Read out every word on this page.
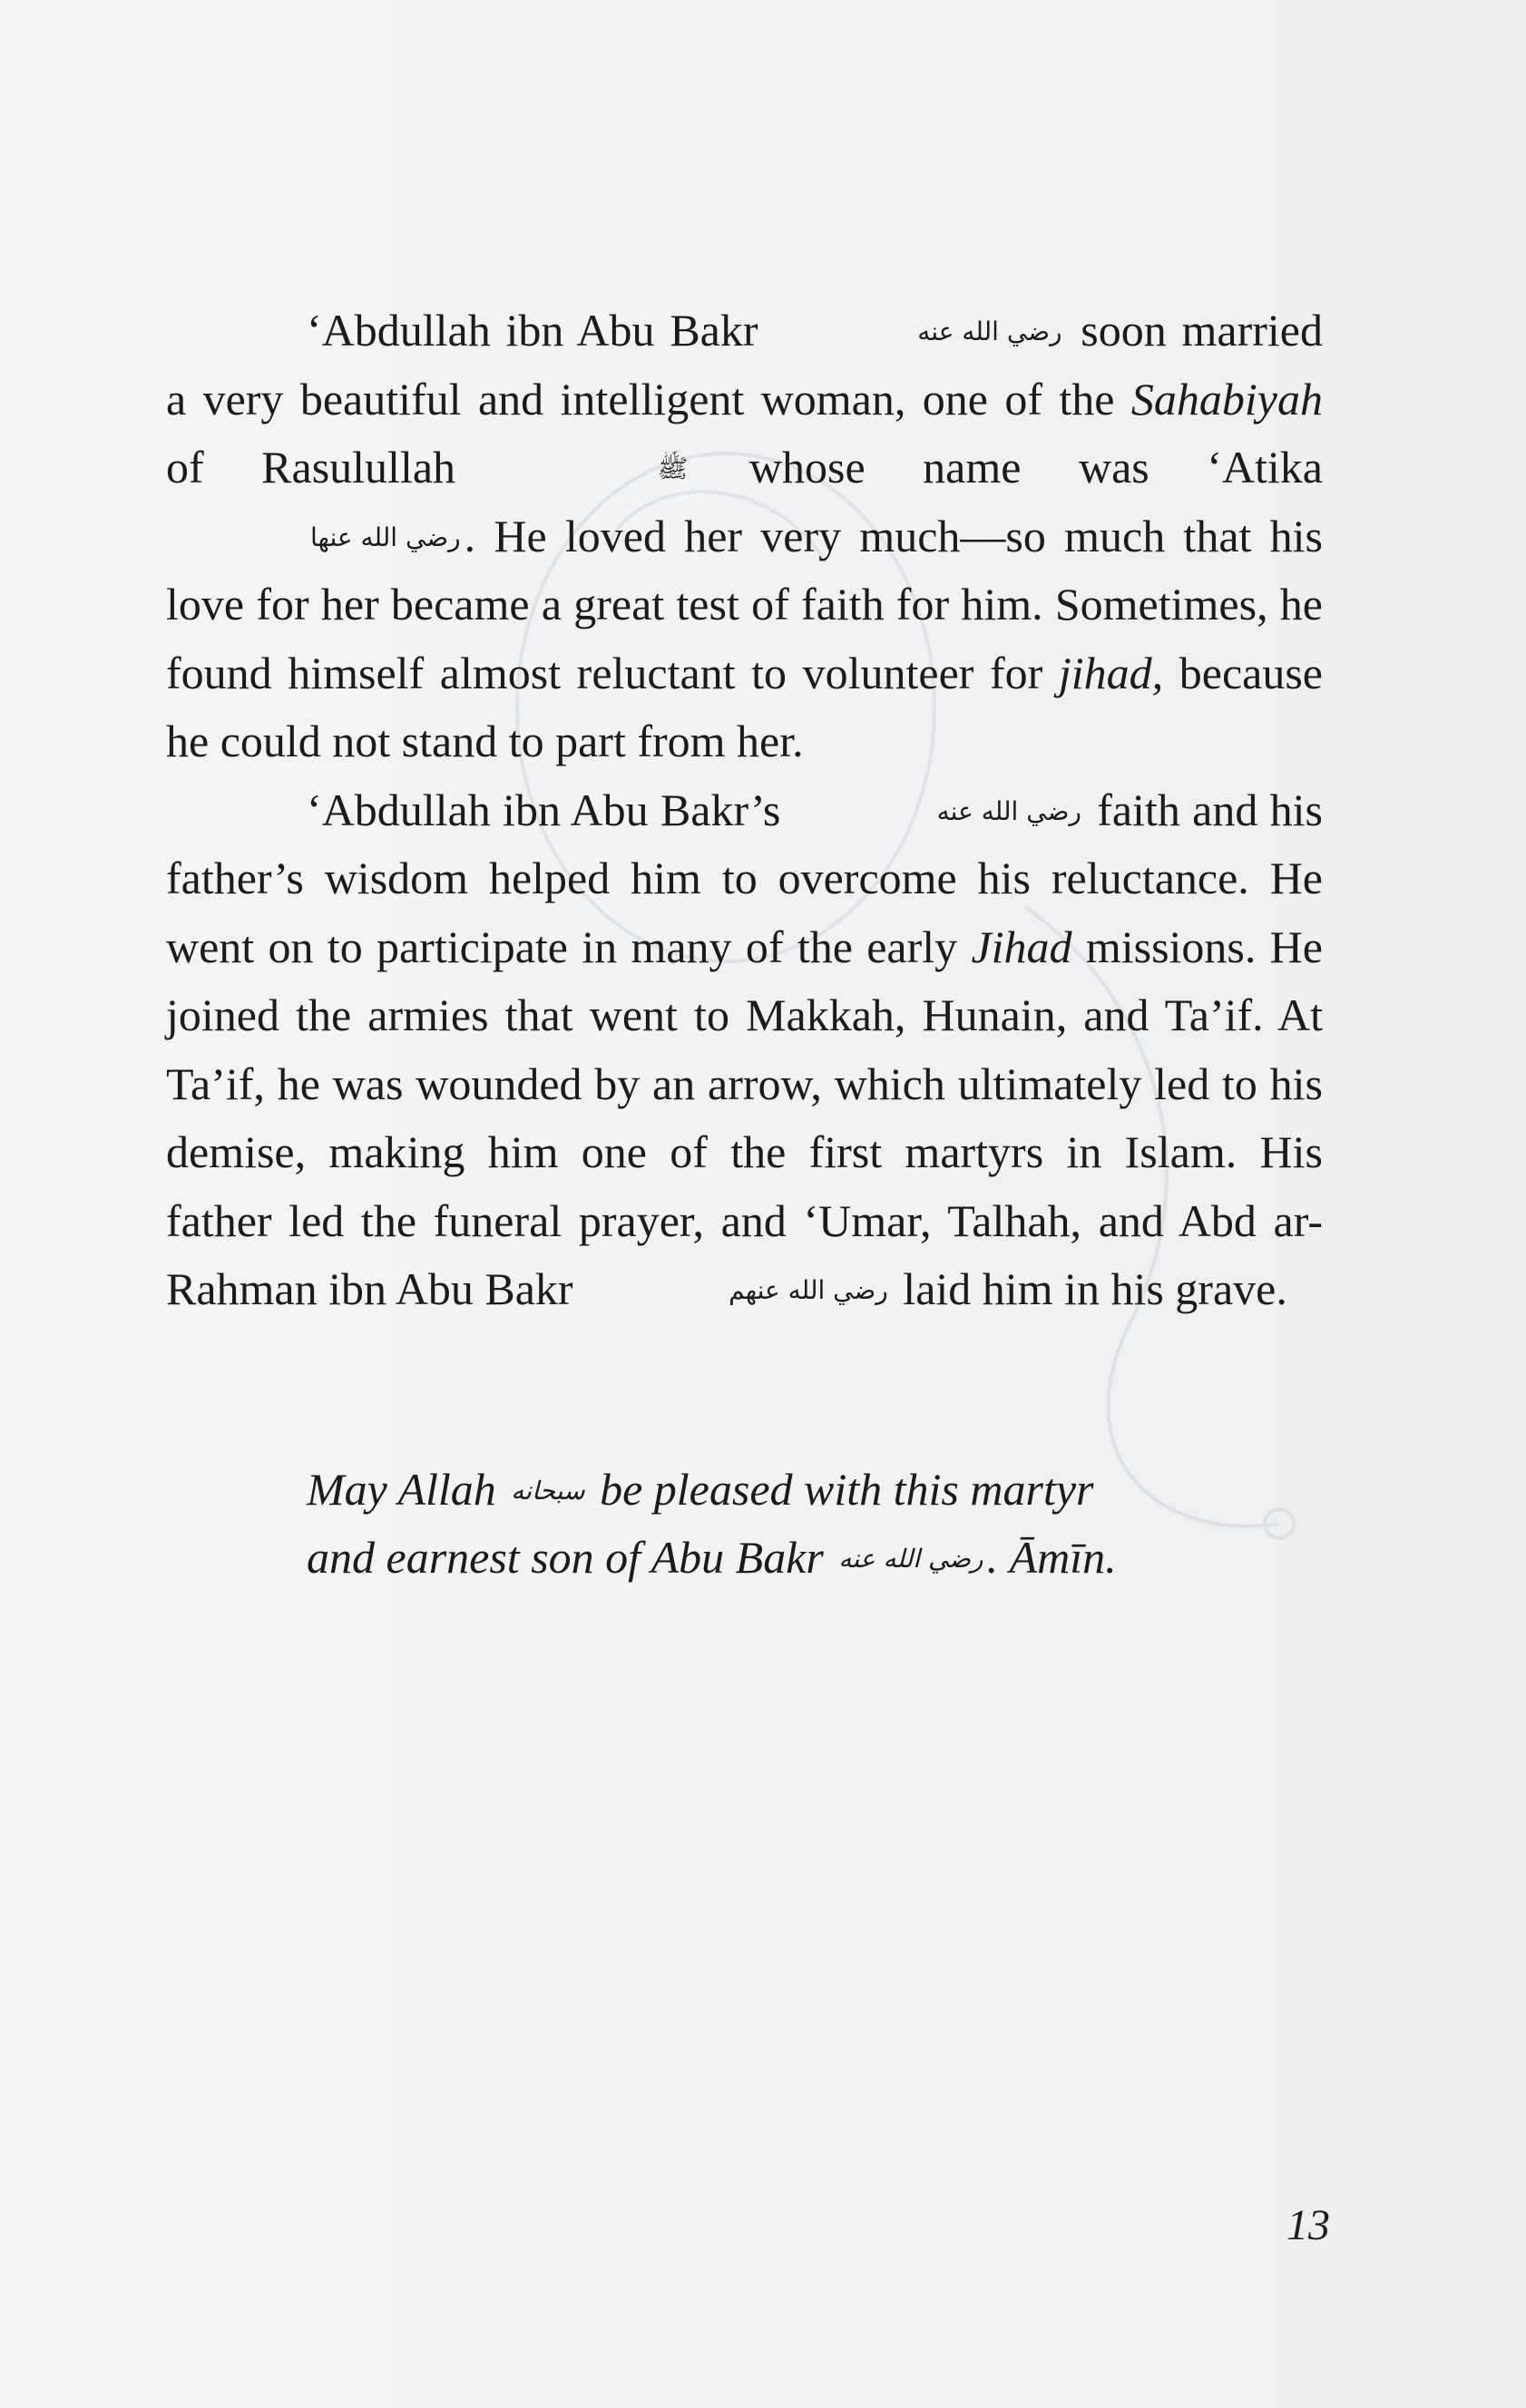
‘Abdullah ibn Abu Bakr	رضي الله عنه soon married a very beautiful and intelligent woman, one of the Sahabiyah of Rasulullah	ﷺ whose name was ‘Atika رضي الله عنها. He loved her very much—so much that his love for her became a great test of faith for him. Sometimes, he found himself almost reluctant to volunteer for jihad, because he could not stand to part from her.

‘Abdullah ibn Abu Bakr’s	رضي الله عنه faith and his father’s wisdom helped him to overcome his reluctance. He went on to participate in many of the early Jihad missions. He joined the armies that went to Makkah, Hunain, and Ta’if. At Ta’if, he was wounded by an arrow, which ultimately led to his demise, making him one of the first martyrs in Islam. His father led the funeral prayer, and ‘Umar, Talhah, and Abd ar-Rahman ibn Abu Bakr	رضي الله عنهم laid him in his grave.

May Allah سبحانه be pleased with this martyr
and earnest son of Abu Bakr رضي الله عنه. Āmīn.
13
